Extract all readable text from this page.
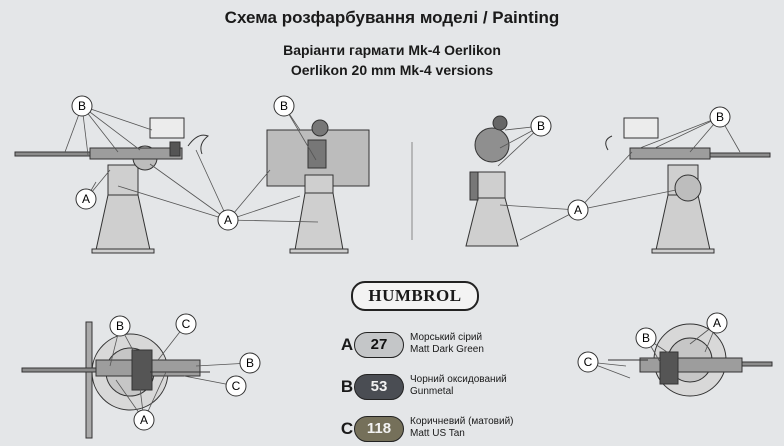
Схема розфарбування моделі / Painting
Варіанти гармати Mk-4 Oerlikon
Oerlikon 20 mm Mk-4 versions
B
A
A
B
B
A
B
B	C
B
C
A
B
A
C
HUMBROL
A	27	Морський сірий
Matt Dark Green
B	53	Чорний оксидований
Gunmetal
C 118	Коричневий (матовий)
Matt US Tan
